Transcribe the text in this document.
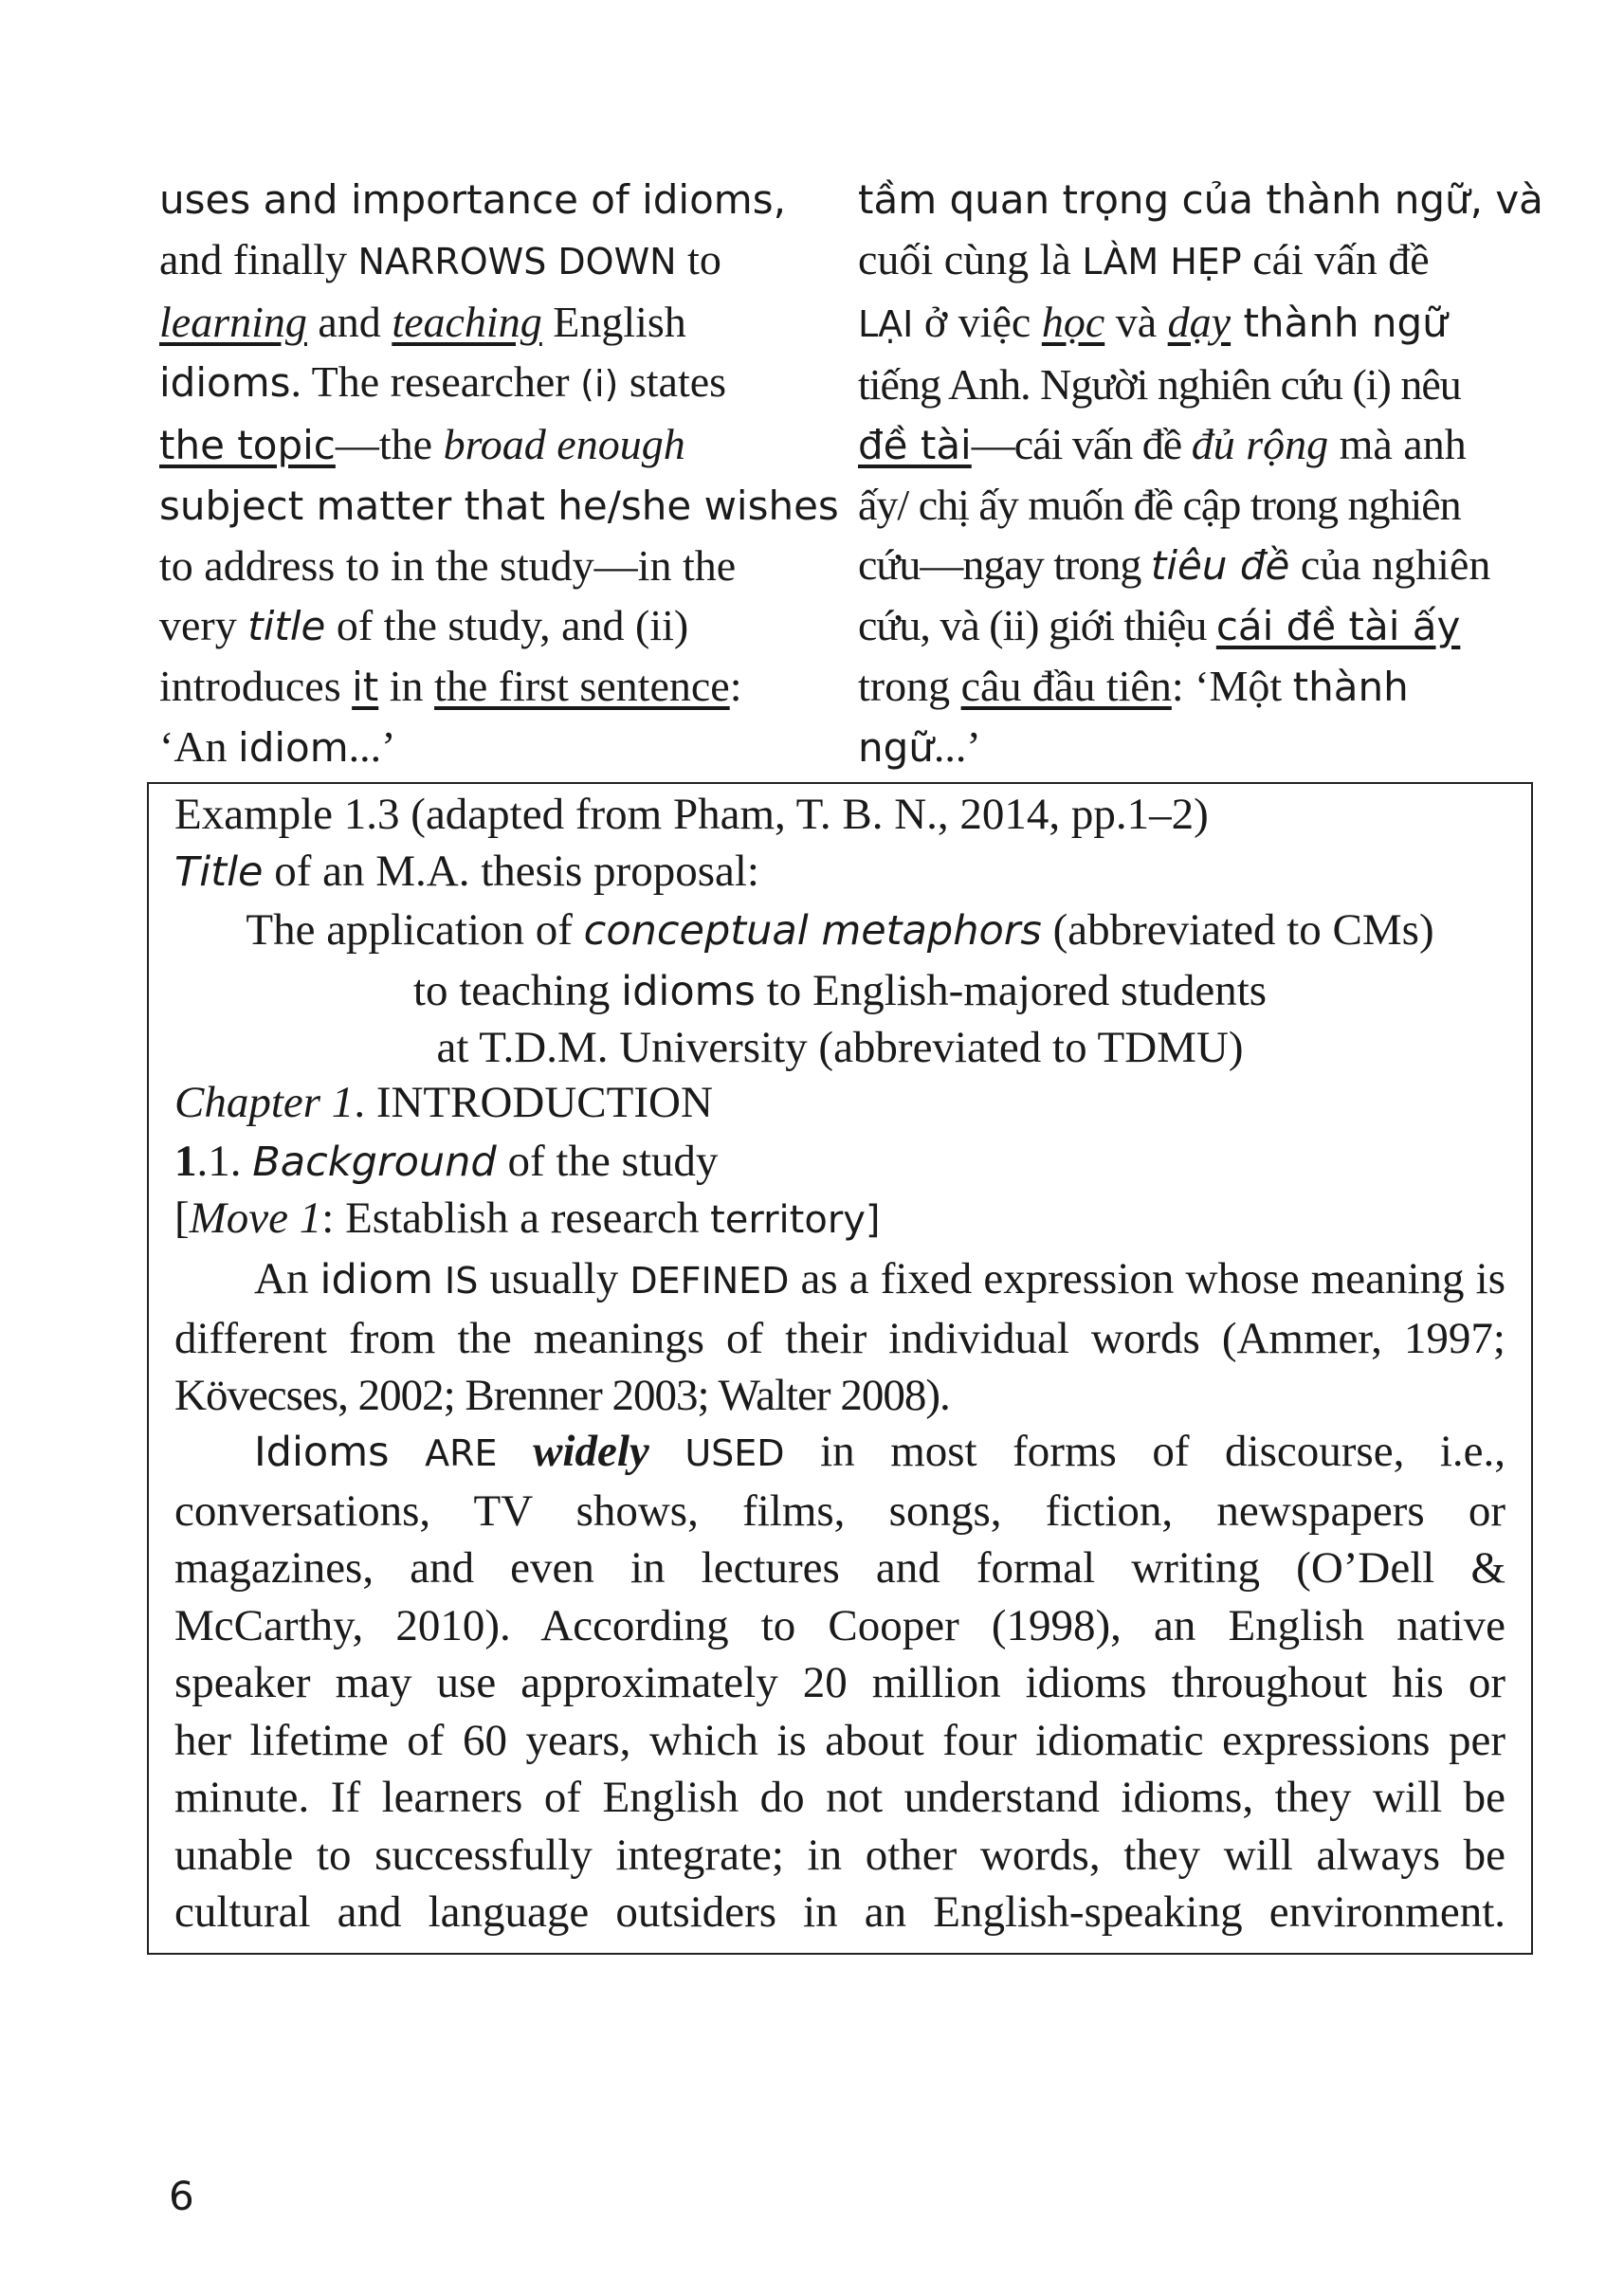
uses and importance of idioms,
and finally NARROWS DOWN to
learning and teaching English
idioms. The researcher (i) states
the topic—the broad enough
subject matter that he/she wishes
to address to in the study—in the
very title of the study, and (ii)
introduces it in the first sentence:
‘An idiom...’
tầm quan trọng của thành ngữ, và
cuối cùng là LÀM HẸP cái vấn đề
LẠI ở việc học và dạy thành ngữ
tiếng Anh. Người nghiên cứu (i) nêu
đề tài—cái vấn đề đủ rộng mà anh
ấy/ chị ấy muốn đề cập trong nghiên
cứu—ngay trong tiêu đề của nghiên
cứu, và (ii) giới thiệu cái đề tài ấy
trong câu đầu tiên: ‘Một thành
ngữ...’
Example 1.3 (adapted from Pham, T. B. N., 2014, pp.1–2)
Title of an M.A. thesis proposal:
The application of conceptual metaphors (abbreviated to CMs)
to teaching idioms to English-majored students
at T.D.M. University (abbreviated to TDMU)
Chapter 1. INTRODUCTION
1.1. Background of the study
[Move 1: Establish a research territory]
An idiom IS usually DEFINED as a fixed expression whose meaning is
different from the meanings of their individual words (Ammer, 1997;
Kövecses, 2002; Brenner 2003; Walter 2008).
Idioms ARE widely USED in most forms of discourse, i.e.,
conversations, TV shows, films, songs, fiction, newspapers or
magazines, and even in lectures and formal writing (O’Dell &
McCarthy, 2010). According to Cooper (1998), an English native
speaker may use approximately 20 million idioms throughout his or
her lifetime of 60 years, which is about four idiomatic expressions per
minute. If learners of English do not understand idioms, they will be
unable to successfully integrate; in other words, they will always be
cultural and language outsiders in an English-speaking environment.
6
